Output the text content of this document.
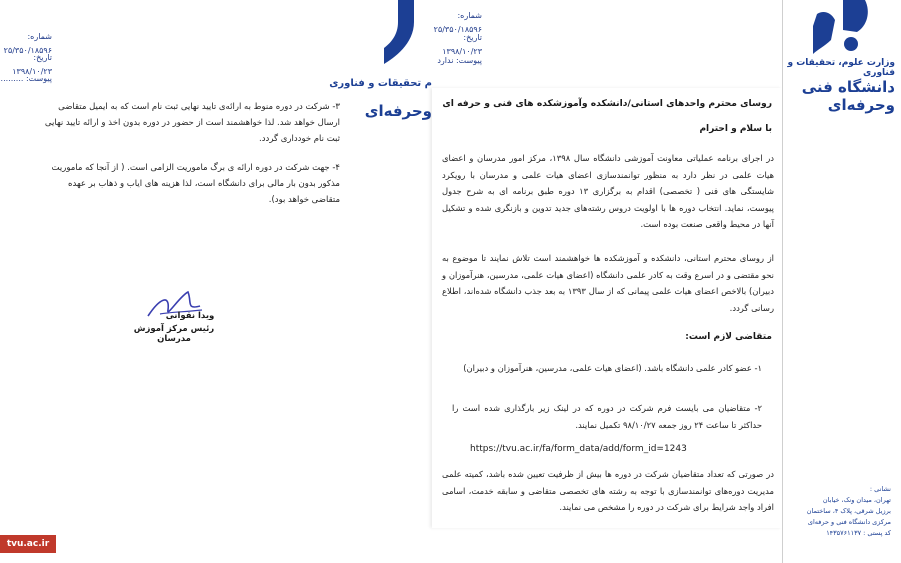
شماره: ۲۵/۳۵۰/۱۸۵۹۶
تاریخ: ۱۳۹۸/۱۰/۲۳
پیوست: .........
۳- شرکت در دوره منوط به ارائه‌ی تایید نهایی ثبت نام است که به ایمیل متقاضی ارسال خواهد شد. لذا خواهشمند است از حضور در دوره بدون اخذ و ارائه تایید نهایی ثبت نام خودداری گردد.
۴- جهت شرکت در دوره ارائه ی برگ ماموریت الزامی است. ( از آنجا که ماموریت مذکور بدون بار مالی برای دانشگاه است، لذا هزینه های ایاب و ذهاب بر عهده متقاضی خواهد بود).
ویدا نقوانی
رئیس مرکز آموزش مدرسان
tvu.ac.ir
شماره: ۲۵/۳۵۰/۱۸۵۹۶
تاریخ: ۱۳۹۸/۱۰/۲۳
پیوست: ندارد
م تحقیقات و فناوری
وحرفه‌ای روسای محترم واحدهای استانی/دانشکده وآموزشکده های فنی و حرفه ای
با سلام و احترام
در اجرای برنامه عملیاتی معاونت آموزشی دانشگاه سال ۱۳۹۸، مرکز امور مدرسان و اعضای هیات علمی در نظر دارد به منظور توانمندسازی اعضای هیات علمی و مدرسان با رویکرد شایستگی های فنی ( تخصصی) اقدام به برگزاری ۱۳ دوره طبق برنامه ای به شرح جدول پیوست، نماید. انتخاب دوره ها با اولویت دروس رشته‌های جدید تدوین و بازنگری شده و تشکیل آنها در محیط واقعی صنعت بوده است.
از روسای محترم استانی، دانشکده و آموزشکده ها خواهشمند است تلاش نمایند تا موضوع به نحو مقتضی و در اسرع وقت به کادر علمی دانشگاه (اعضای هیات علمی، مدرسین، هنرآموزان و دبیران) بالاخص اعضای هیات علمی پیمانی که از سال ۱۳۹۳ به بعد جذب دانشگاه شده‌اند، اطلاع رسانی گردد.
متقاضی لازم است:
۱- عضو کادر علمی دانشگاه باشد. (اعضای هیات علمی، مدرسین، هنرآموزان و دبیران)
۲- متقاضیان می بایست فرم شرکت در دوره که در لینک زیر بارگذاری شده است را حداکثر تا ساعت ۲۴ روز جمعه ۹۸/۱۰/۲۷ تکمیل نمایند.
https://tvu.ac.ir/fa/form_data/add/form_id=1243
در صورتی که تعداد متقاضیان شرکت در دوره ها بیش از ظرفیت تعیین شده باشد، کمیته علمی مدیریت دوره‌های توانمندسازی با توجه به رشته های تخصصی متقاضی و سابقه خدمت، اسامی افراد واجد شرایط برای شرکت در دوره را مشخص می نمایند.
وزارت علوم، تحقیقات و فناوری
دانشگاه فنی وحرفه‌ای
نشانی :
تهران، میدان ونک، خیابان
برزیل شرقی، پلاک ۴، ساختمان
مرکزی دانشگاه فنی و حرفه‌ای
کد پستی : ۱۴۳۵۷۶۱۱۳۷
